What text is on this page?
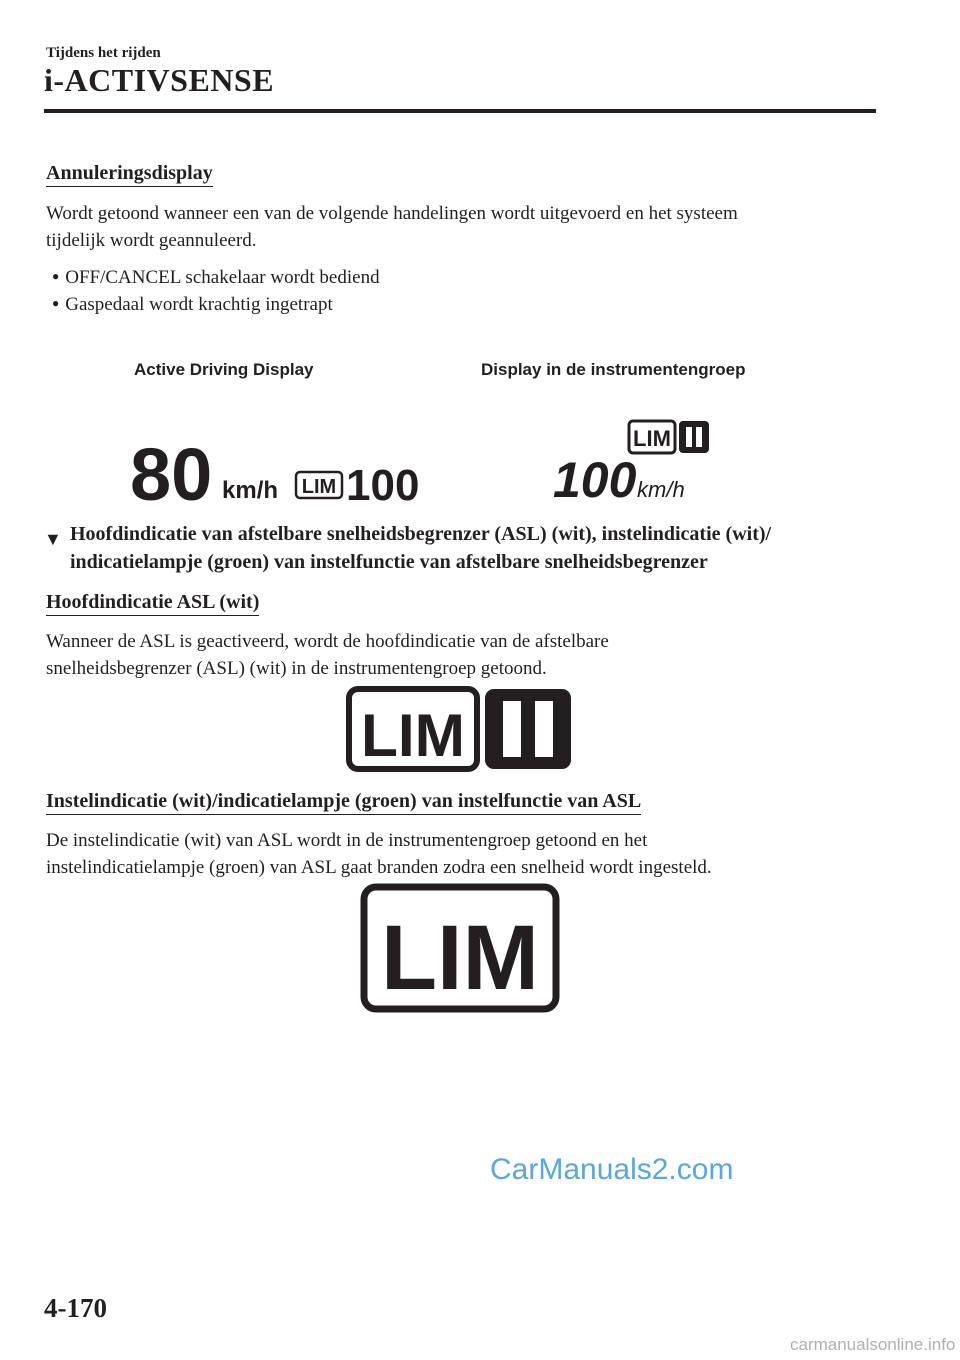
Tijdens het rijden
i-ACTIVSENSE
Annuleringsdisplay
Wordt getoond wanneer een van de volgende handelingen wordt uitgevoerd en het systeem
tijdelijk wordt geannuleerd.
● OFF/CANCEL schakelaar wordt bediend
● Gaspedaal wordt krachtig ingetrapt
Active Driving Display	Display in de instrumentengroep
80 km/h LIM 100
LIM
100 km/h
▼ Hoofdindicatie van afstelbare snelheidsbegrenzer (ASL) (wit), instelindicatie (wit)/
indicatielampje (groen) van instelfunctie van afstelbare snelheidsbegrenzer
Hoofdindicatie ASL (wit)
Wanneer de ASL is geactiveerd, wordt de hoofdindicatie van de afstelbare
snelheidsbegrenzer (ASL) (wit) in de instrumentengroep getoond.
LIM
Instelindicatie (wit)/indicatielampje (groen) van instelfunctie van ASL
De instelindicatie (wit) van ASL wordt in de instrumentengroep getoond en het
instelindicatielampje (groen) van ASL gaat branden zodra een snelheid wordt ingesteld.
LIM
CarManuals2.com
4-170
carmanualsonline.info
